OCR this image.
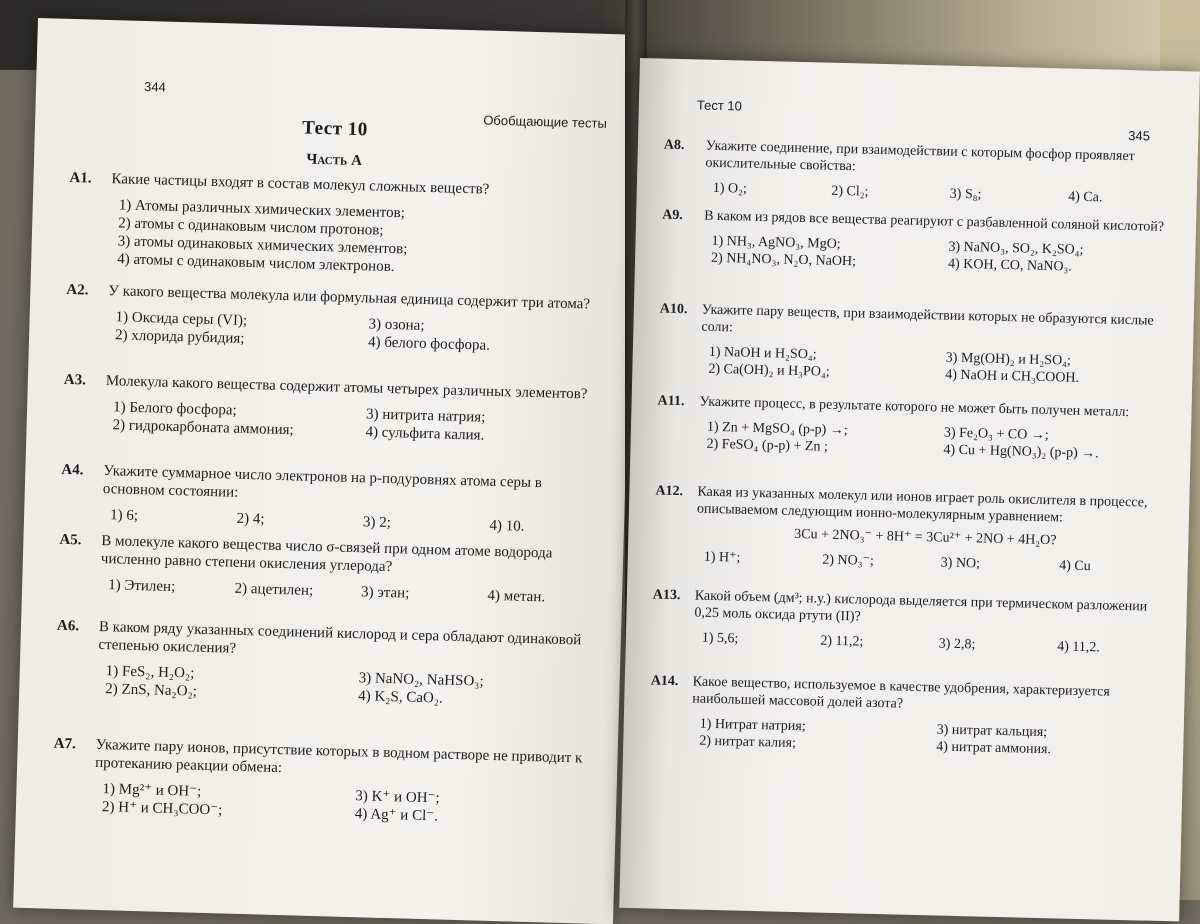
344
Обобщающие тесты
Тест 10
Часть А
A1. Какие частицы входят в состав молекул сложных веществ?
1) Атомы различных химических элементов;
2) атомы с одинаковым числом протонов;
3) атомы одинаковых химических элементов;
4) атомы с одинаковым числом электронов.
A2. У какого вещества молекула или формульная единица содержит три атома?
1) Оксида серы (VI);	3) озона;
2) хлорида рубидия;	4) белого фосфора.
A3. Молекула какого вещества содержит атомы четырех различных элементов?
1) Белого фосфора;	3) нитрита натрия;
2) гидрокарбоната аммония;	4) сульфита калия.
A4. Укажите суммарное число электронов на p-подуровнях атома серы в основном состоянии:
1) 6;	2) 4;	3) 2;	4) 10.
A5. В молекуле какого вещества число σ-связей при одном атоме водорода численно равно степени окисления углерода?
1) Этилен;	2) ацетилен;	3) этан;	4) метан.
A6. В каком ряду указанных соединений кислород и сера обладают одинаковой степенью окисления?
1) FeS₂, H₂O₂;	3) NaNO₂, NaHSO₃;
2) ZnS, Na₂O₂;	4) K₂S, CaO₂.
A7. Укажите пару ионов, присутствие которых в водном растворе не приводит к протеканию реакции обмена:
1) Mg²⁺ и OH⁻;	3) K⁺ и OH⁻;
2) H⁺ и CH₃COO⁻;	4) Ag⁺ и Cl⁻.
Тест 10
345
A8. Укажите соединение, при взаимодействии с которым фосфор проявляет окислительные свойства:
1) O₂;	2) Cl₂;	3) S₈;	4) Ca.
A9. В каком из рядов все вещества реагируют с разбавленной соляной кислотой?
1) NH₃, AgNO₃, MgO;	3) NaNO₃, SO₂, K₂SO₄;
2) NH₄NO₃, N₂O, NaOH;	4) KOH, CO, NaNO₃.
A10. Укажите пару веществ, при взаимодействии которых не образуются кислые соли:
1) NaOH и H₂SO₄;	3) Mg(OH)₂ и H₂SO₄;
2) Ca(OH)₂ и H₃PO₄;	4) NaOH и CH₃COOH.
A11. Укажите процесс, в результате которого не может быть получен металл:
1) Zn + MgSO₄ (р-р) →;	3) Fe₂O₃ + CO →;
2) FeSO₄ (р-р) + Zn ;	4) Cu + Hg(NO₃)₂ (р-р) →.
A12. Какая из указанных молекул или ионов играет роль окислителя в процессе, описываемом следующим ионно-молекулярным уравнением:
3Cu + 2NO₃⁻ + 8H⁺ = 3Cu²⁺ + 2NO + 4H₂O?
1) H⁺;	2) NO₃⁻;	3) NO;	4) Cu
A13. Какой объем (дм³; н.у.) кислорода выделяется при термическом разложении 0,25 моль оксида ртути (II)?
1) 5,6;	2) 11,2;	3) 2,8;	4) 11,2.
A14. Какое вещество, используемое в качестве удобрения, характеризуется наибольшей массовой долей азота?
1) Нитрат натрия;	3) нитрат кальция;
2) нитрат калия;	4) нитрат аммония.
